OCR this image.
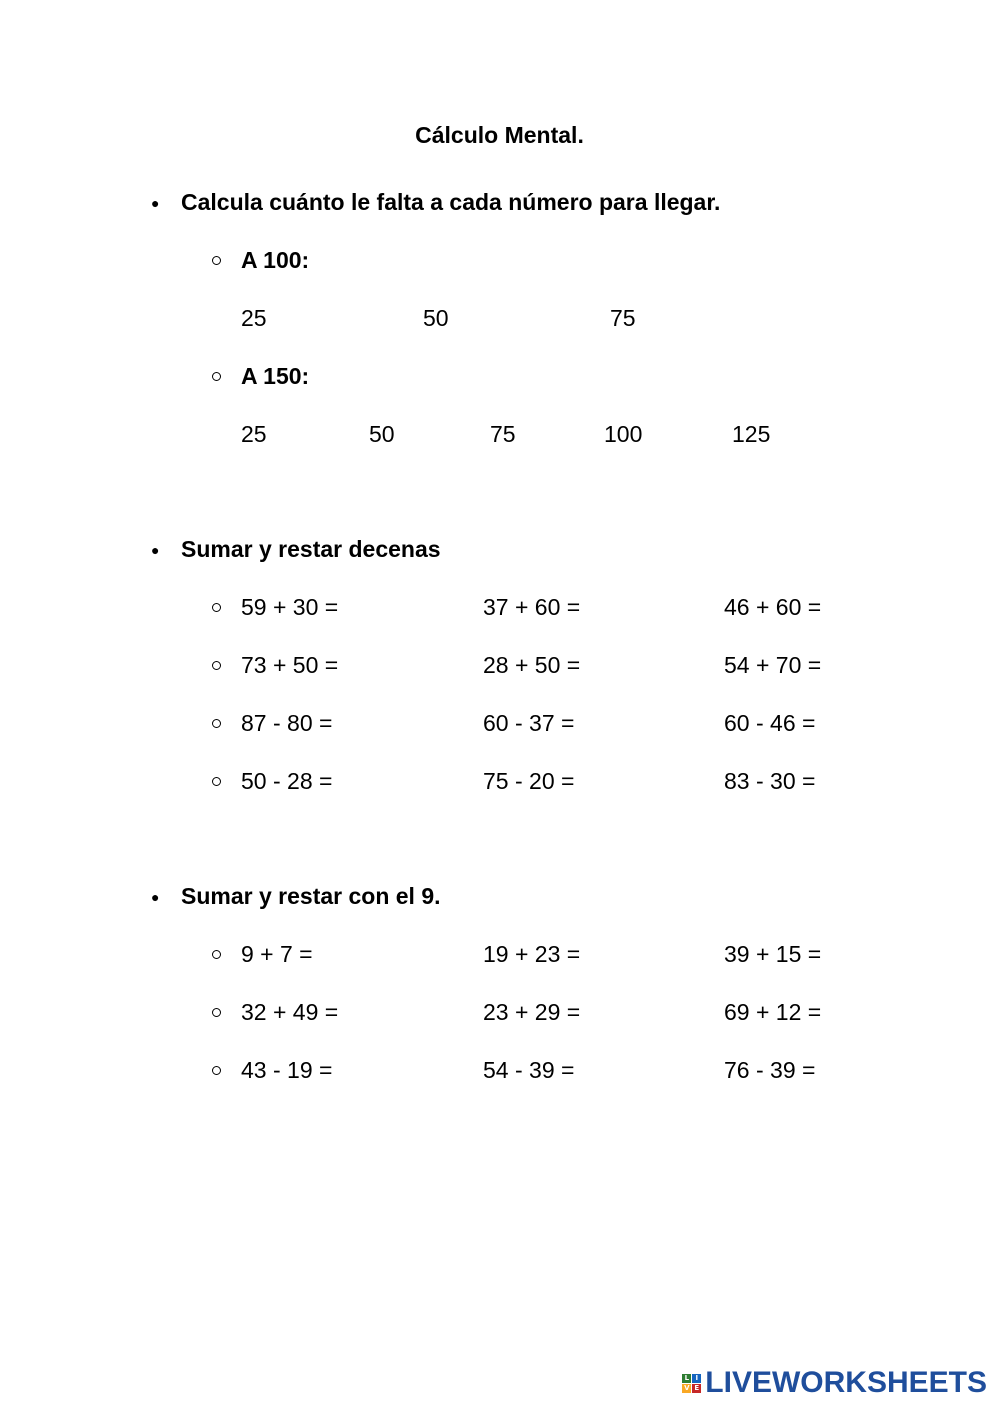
Cálculo Mental.
● Calcula cuánto le falta a cada número para llegar.
A 100:
25	50	75
A 150:
25	50	75	100	125
● Sumar y restar decenas
59 + 30 =	37 + 60 =	46 + 60 =
73 + 50 =	28 + 50 =	54 + 70 =
87 - 80 =	60 - 37 =	60 - 46 =
50 - 28 =	75 - 20 =	83 - 30 =
● Sumar y restar con el 9.
9 + 7 =	19 + 23 =	39 + 15 =
32 + 49 =	23 + 29 =	69 + 12 =
43 - 19 =	54 - 39 =	76 - 39 =
L I
V E LIVEWORKSHEETS
